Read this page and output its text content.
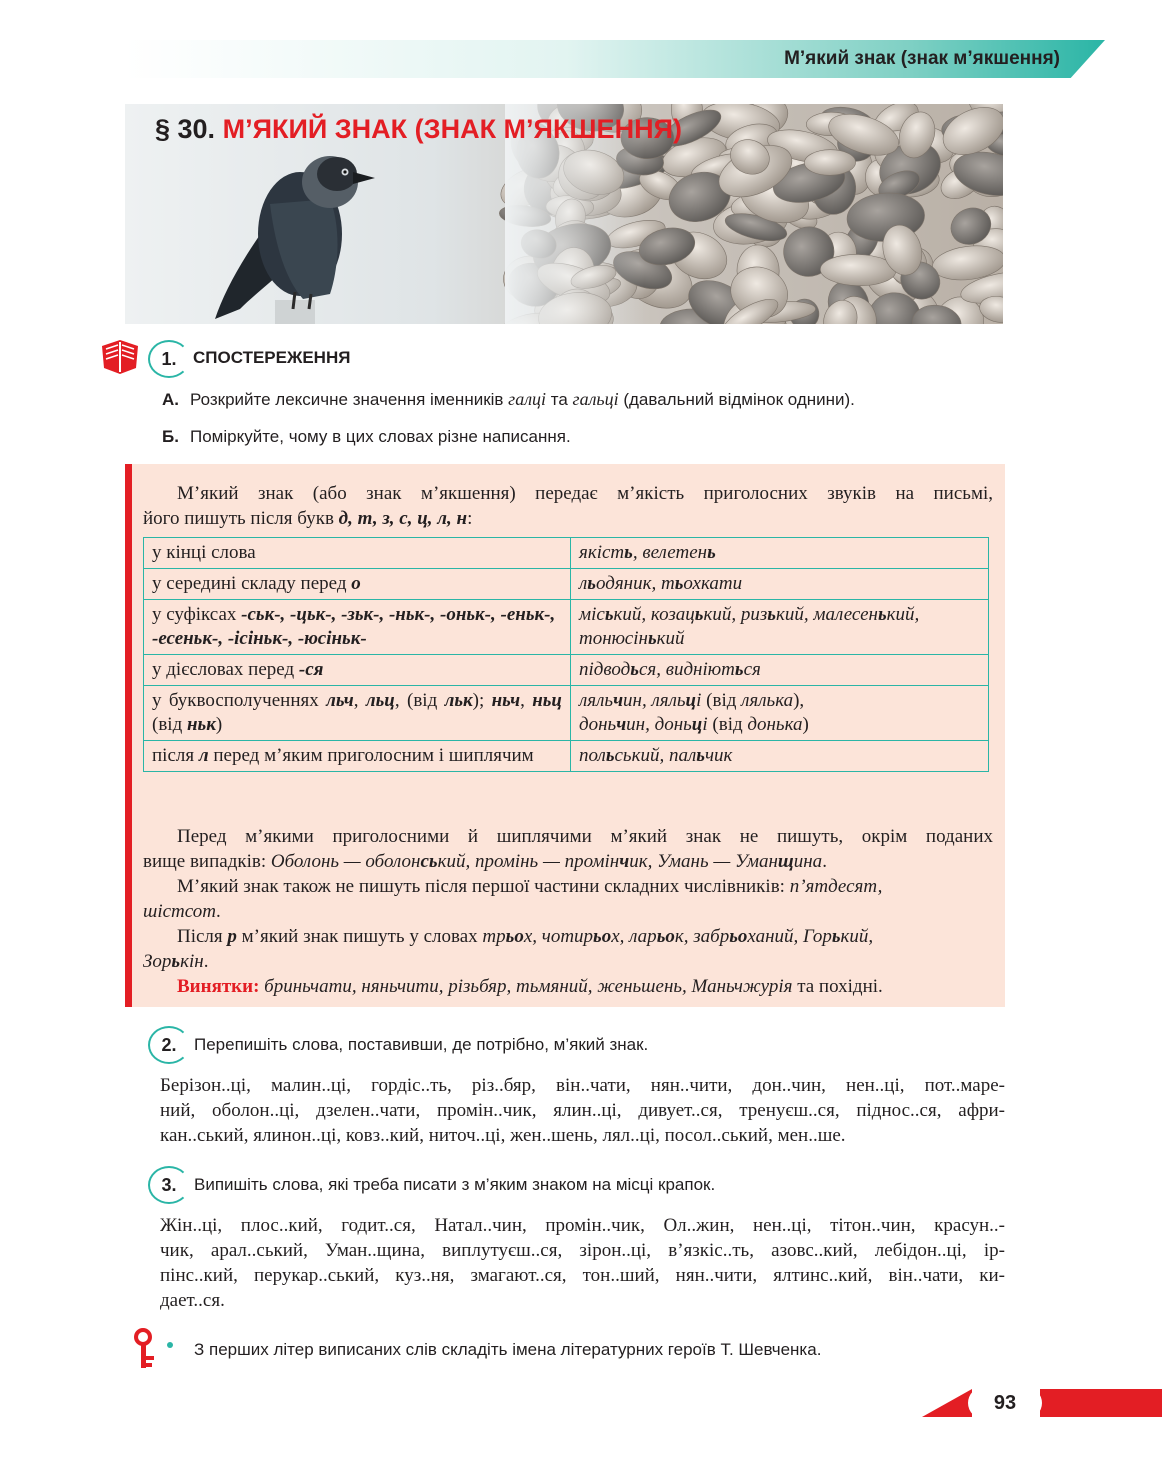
М’який знак (знак м’якшення)
§ 30. М’ЯКИЙ ЗНАК (ЗНАК М’ЯКШЕННЯ)
1. СПОСТЕРЕЖЕННЯ
А. Розкрийте лексичне значення іменників галці та гальці (давальний відмінок однини).
Б. Поміркуйте, чому в цих словах різне написання.
М’який знак (або знак м’якшення) передає м’якість приголосних звуків на письмі,
його пишуть після букв д, т, з, с, ц, л, н:
у кінці слова	якість, велетень
у середині складу перед о	льодяник, тьохкати
у суфіксах -ськ-, -цьк-, -зьк-, -ньк-, -оньк-, -еньк-, -есеньк-, -ісіньк-, -юсіньк-	міський, козацький, ризький, малесенький, тонюсінький
у дієсловах перед -ся	підводься, видніються
у буквосполученнях льч, льц, (від льк); ньч, ньц (від ньк)	ляльчин, ляльці (від лялька),
доньчин, доньці (від донька)
після л перед м’яким приголосним і шиплячим	польський, пальчик
Перед м’якими приголосними й шиплячими м’який знак не пишуть, окрім поданих
вище випадків: Оболонь — оболонський, промінь — промінчик, Умань — Уманщина.
М’який знак також не пишуть після першої частини складних числівників: п’ятдесят,
шістсот.
Після р м’який знак пишуть у словах трьох, чотирьох, ларьок, забрьоханий, Горький,
Зорькін.
Винятки: бриньчати, няньчити, різьбяр, тьмяний, женьшень, Маньчжурія та похідні.
2.	Перепишіть слова, поставивши, де потрібно, м’який знак.
Берізон..ці, малин..ці, гордіс..ть, різ..бяр, він..чати, нян..чити, дон..чин, нен..ці, пот..маре-
ний, оболон..ці, дзелен..чати, промін..чик, ялин..ці, дивует..ся, тренуєш..ся, піднос..ся, афри-
кан..ський, ялинон..ці, ковз..кий, ниточ..ці, жен..шень, лял..ці, посол..ський, мен..ше.
3.	Випишіть слова, які треба писати з м’яким знаком на місці крапок.
Жін..ці, плос..кий, годит..ся, Натал..чин, промін..чик, Ол..жин, нен..ці, тітон..чин, красун..-
чик, арал..ський, Уман..щина, виплутуєш..ся, зірон..ці, в’язкіс..ть, азовс..кий, лебідон..ці, ір-
пінс..кий, перукар..ський, куз..ня, змагают..ся, тон..ший, нян..чити, ялтинс..кий, він..чати, ки-
дает..ся.
З перших літер виписаних слів складіть імена літературних героїв Т. Шевченка.
93
